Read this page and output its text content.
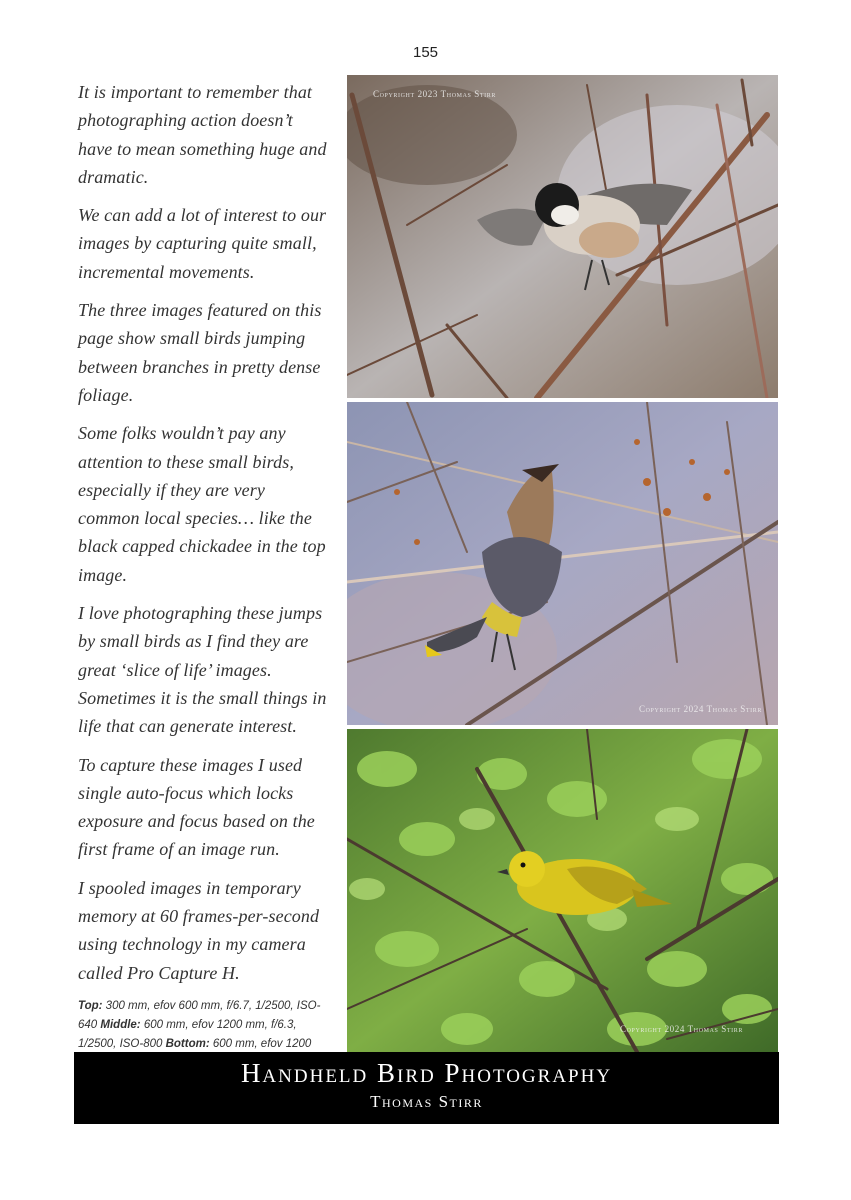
155

It is important to remember that photographing action doesn’t have to mean something huge and dramatic.

We can add a lot of interest to our images by capturing quite small, incremental movements.

The three images featured on this page show small birds jumping between branches in pretty dense foliage.

Some folks wouldn’t pay any attention to these small birds, especially if they are very common local species… like the black capped chickadee in the top image.

I love photographing these jumps by small birds as I find they are great ‘slice of life’ images. Sometimes it is the small things in life that can generate interest.

To capture these images I used single auto-focus which locks exposure and focus based on the first frame of an image run.

I spooled images in temporary memory at 60 frames-per-second using technology in my camera called Pro Capture H.

Top: 300 mm, efov 600 mm, f/6.7, 1/2500, ISO-640 Middle: 600 mm, efov 1200 mm, f/6.3, 1/2500, ISO-800 Bottom: 600 mm, efov 1200
Copyright 2023 Thomas Stirr
Copyright 2024 Thomas Stirr
Copyright 2024 Thomas Stirr
Handheld Bird Photography
Thomas Stirr
